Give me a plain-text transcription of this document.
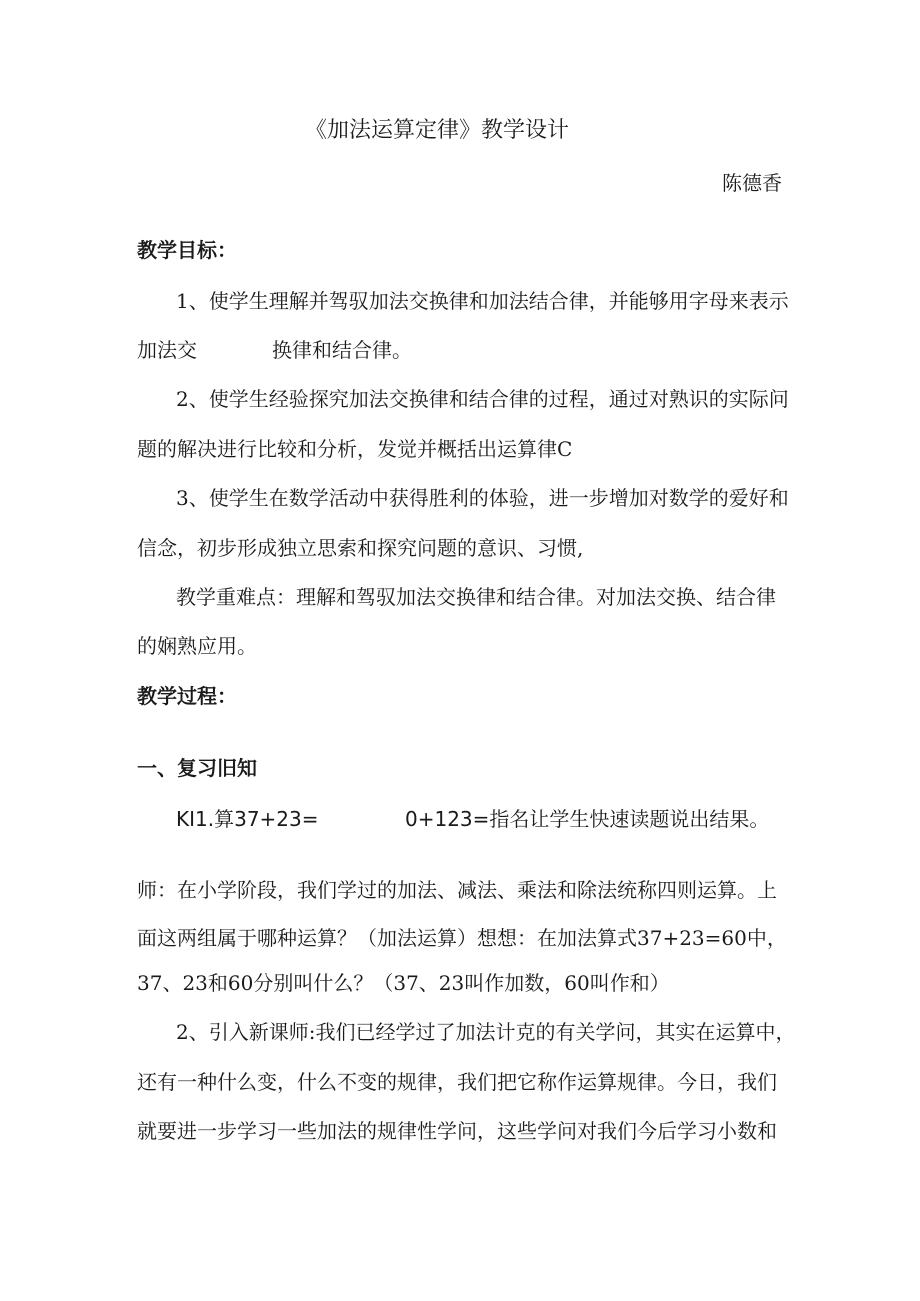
《加法运算定律》教学设计
陈德香
教学目标：
1、使学生理解并驾驭加法交换律和加法结合律，并能够用字母来表示
加法交	换律和结合律。
2、使学生经验探究加法交换律和结合律的过程，通过对熟识的实际问
题的解决进行比较和分析，发觉并概括出运算律C
3、使学生在数学活动中获得胜利的体验，进一步增加对数学的爱好和
信念，初步形成独立思索和探究问题的意识、习惯,
教学重难点：理解和驾驭加法交换律和结合律。对加法交换、结合律
的娴熟应用。
教学过程：
一、复习旧知
KI1.算37+23=	0+123=指名让学生快速读题说出结果。
师：在小学阶段，我们学过的加法、减法、乘法和除法统称四则运算。上
面这两组属于哪种运算？（加法运算）想想：在加法算式37+23=60中，
37、23和60分别叫什么？（37、23叫作加数，60叫作和）
2、引入新课师:我们已经学过了加法计克的有关学问，其实在运算中，
还有一种什么变，什么不变的规律，我们把它称作运算规律。今日，我们
就要进一步学习一些加法的规律性学问，这些学问对我们今后学习小数和
